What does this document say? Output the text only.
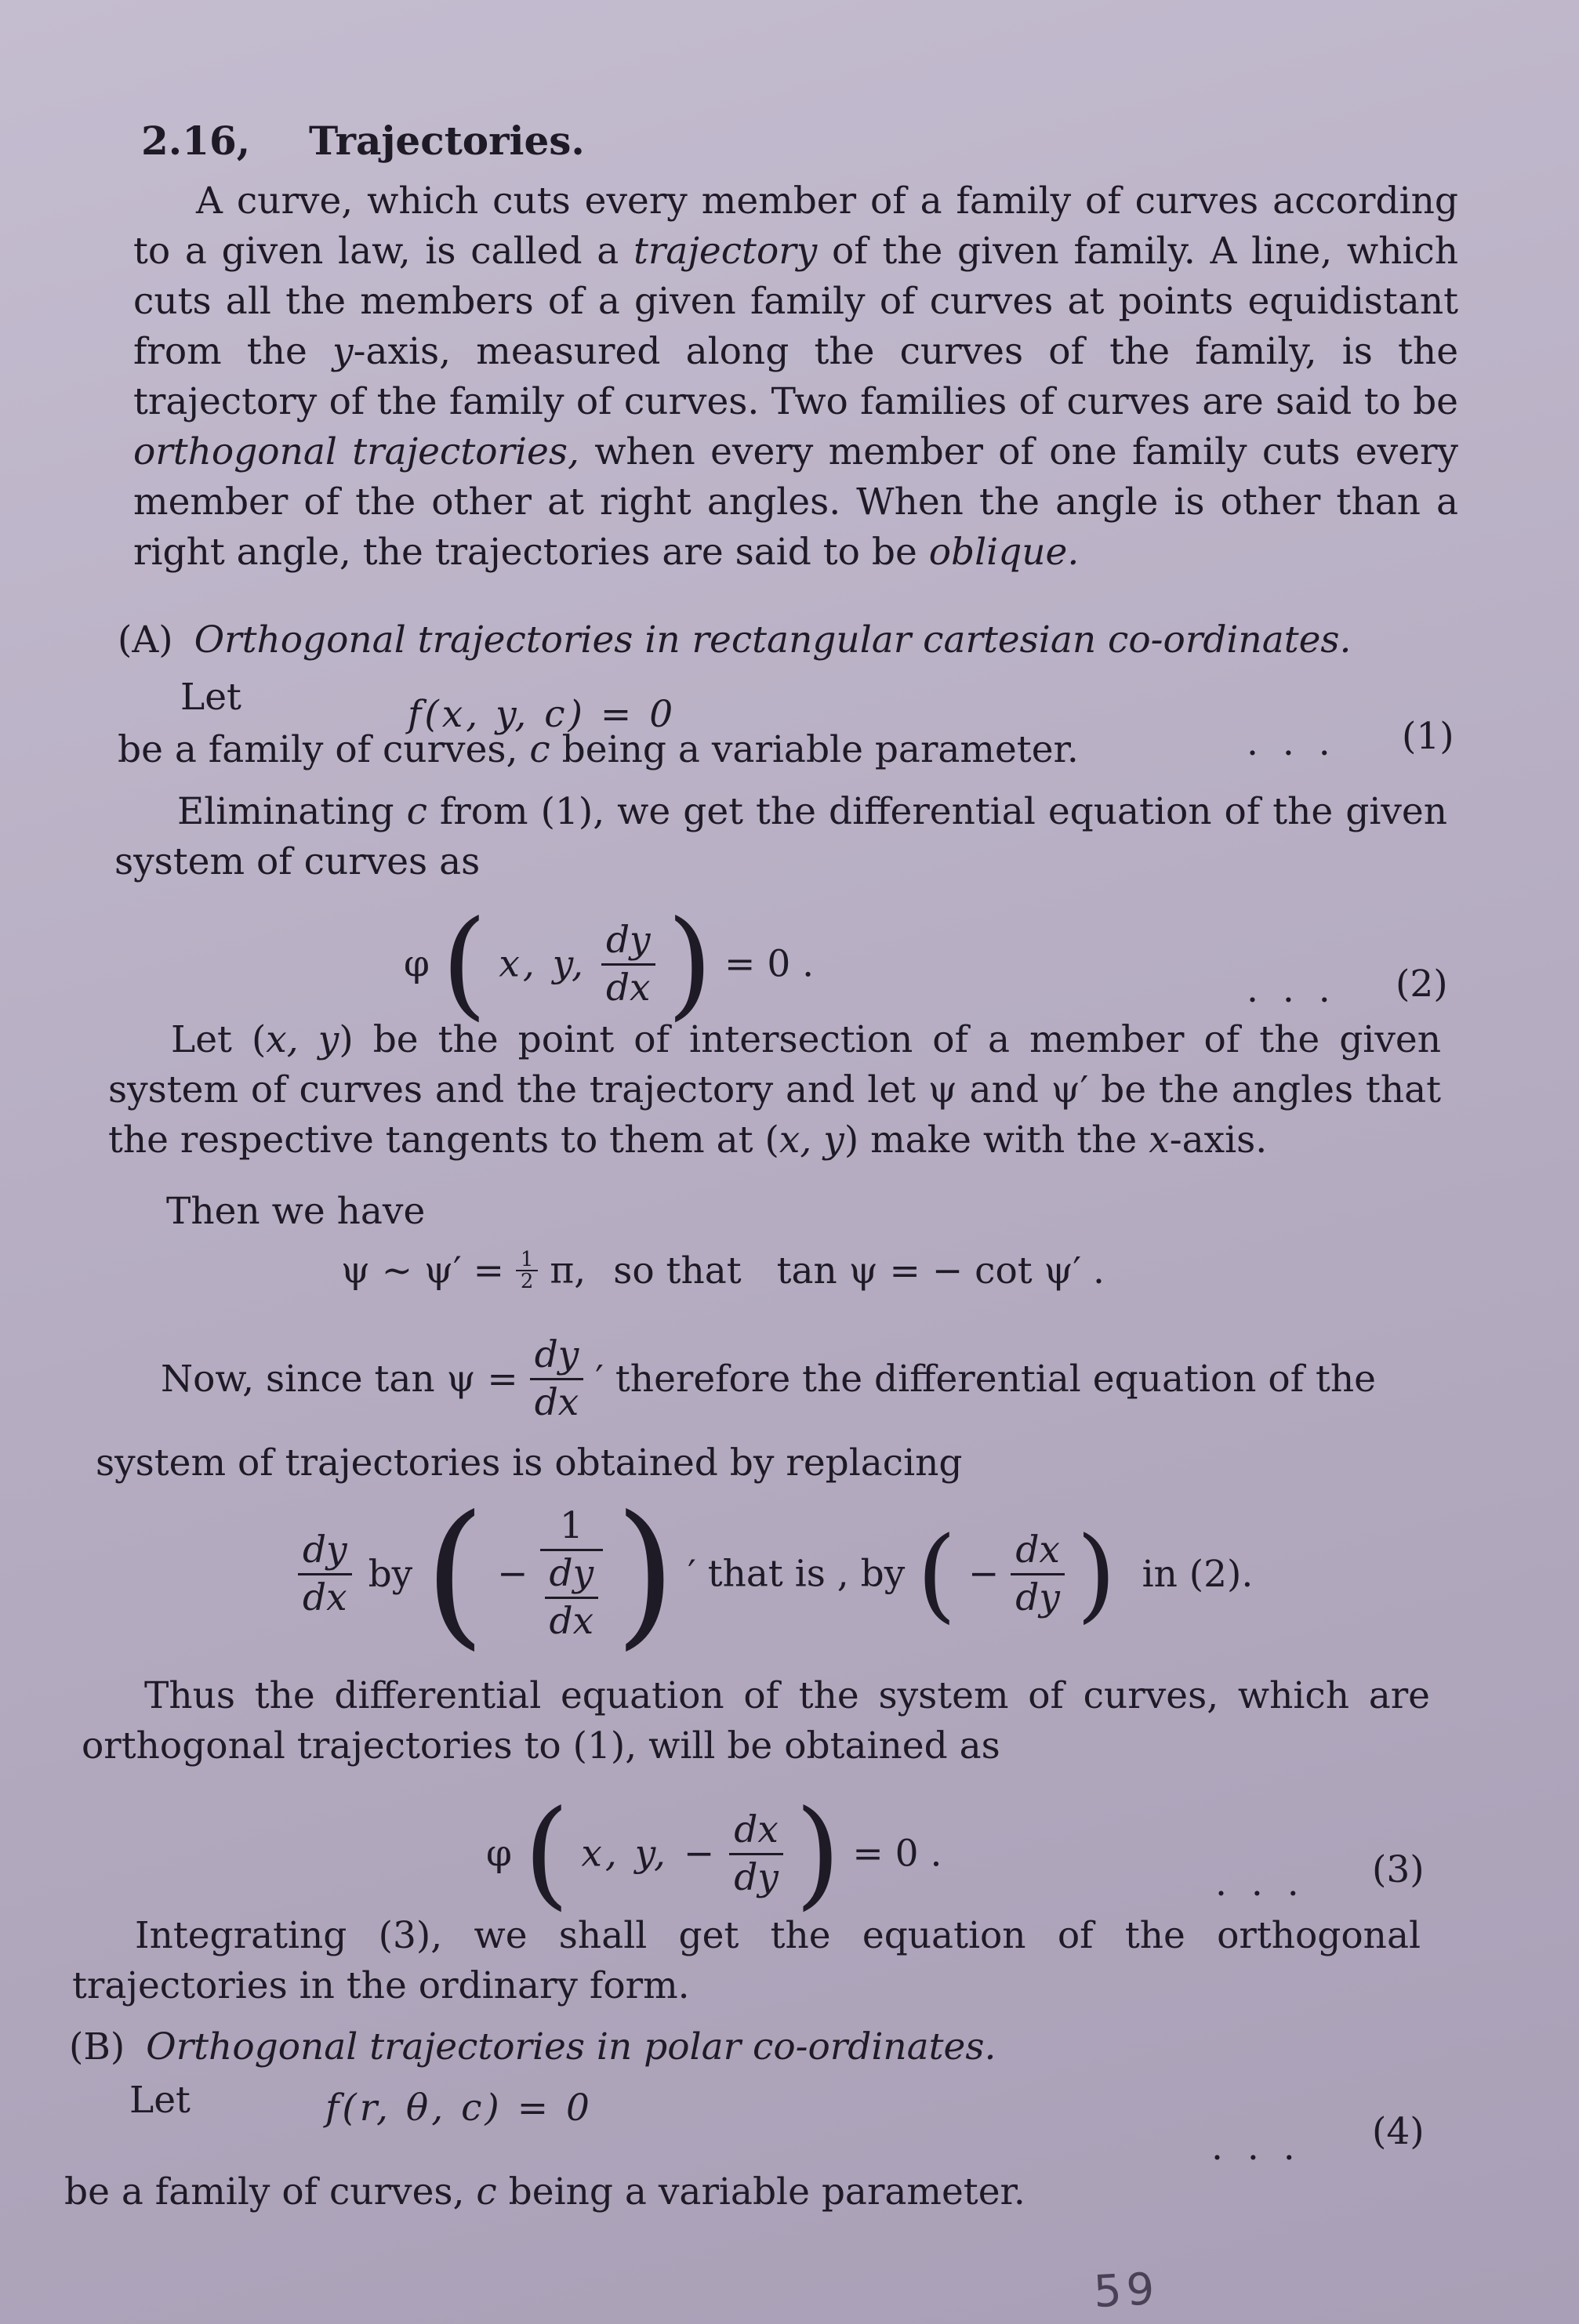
2.16, Trajectories.

A curve, which cuts every member of a family of curves according to a given law, is called a trajectory of the given family. A line, which cuts all the members of a given family of curves at points equidistant from the y-axis, measured along the curves of the family, is the trajectory of the family of curves. Two families of curves are said to be orthogonal trajectories, when every member of one family cuts every member of the other at right angles. When the angle is other than a right angle, the trajectories are said to be oblique.

(A) Orthogonal trajectories in rectangular cartesian co-ordinates.
Let	f(x, y, c) = 0
. . . (1)
be a family of curves, c being a variable parameter.

Eliminating c from (1), we get the differential equation of the given system of curves as

φ ( x, y, $\frac{dy}{dx}$ ) = 0 .
. . . (2)

Let (x, y) be the point of intersection of a member of the given system of curves and the trajectory and let ψ and ψ′ be the angles that the respective tangents to them at (x, y) make with the x-axis.

Then we have
ψ ~ $\psi' = \frac{1}{2} \pi$, so that tan ψ = − cot ψ′ .
Now, since $\tan \psi = \frac{dy}{dx}$ ′ therefore the differential equation of the
system of trajectories is obtained by replacing
$\frac{dy}{dx}$ by ( − $\frac{1}{\frac{dy}{dx}}$ ) ′ that is , by ( − $\frac{dx}{dy}$ ) in (2).

Thus the differential equation of the system of curves, which are orthogonal trajectories to (1), will be obtained as

φ ( x, y, − $\frac{dx}{dy}$ ) = 0 .
. . . (3)

Integrating (3), we shall get the equation of the orthogonal trajectories in the ordinary form.

(B) Orthogonal trajectories in polar co-ordinates.
Let	f(r, θ, c) = 0
. . . (4)
be a family of curves, c being a variable parameter.
59
